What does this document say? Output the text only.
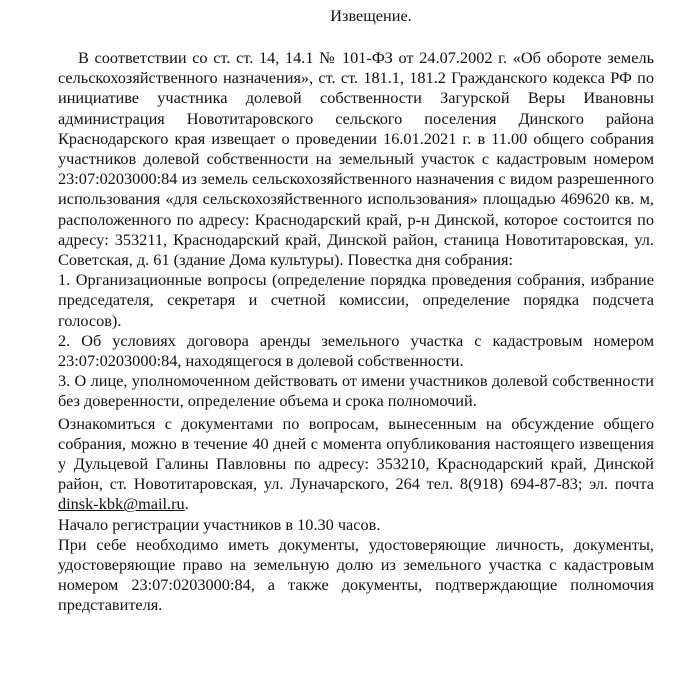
Извещение.

В соответствии со ст. ст. 14, 14.1 № 101-ФЗ от 24.07.2002 г. «Об обороте земель сельскохозяйственного назначения», ст. ст. 181.1, 181.2 Гражданского кодекса РФ по инициативе участника долевой собственности Загурской Веры Ивановны администрация Новотитаровского сельского поселения Динского района Краснодарского края извещает о проведении 16.01.2021 г. в 11.00 общего собрания участников долевой собственности на земельный участок с кадастровым номером 23:07:0203000:84 из земель сельскохозяйственного назначения с видом разрешенного использования «для сельскохозяйственного использования» площадью 469620 кв. м, расположенного по адресу: Краснодарский край, р-н Динской, которое состоится по адресу: 353211, Краснодарский край, Динской район, станица Новотитаровская, ул. Советская, д. 61 (здание Дома культуры). Повестка дня собрания:

1. Организационные вопросы (определение порядка проведения собрания, избрание председателя, секретаря и счетной комиссии, определение порядка подсчета голосов).

2. Об условиях договора аренды земельного участка с кадастровым номером 23:07:0203000:84, находящегося в долевой собственности.

3. О лице, уполномоченном действовать от имени участников долевой собственности без доверенности, определение объема и срока полномочий.

Ознакомиться с документами по вопросам, вынесенным на обсуждение общего собрания, можно в течение 40 дней с момента опубликования настоящего извещения у Дульцевой Галины Павловны по адресу: 353210, Краснодарский край, Динской район, ст. Новотитаровская, ул. Луначарского, 264 тел. 8(918) 694-87-83; эл. почта dinsk-kbk@mail.ru.

Начало регистрации участников в 10.30 часов.

При себе необходимо иметь документы, удостоверяющие личность, документы, удостоверяющие право на земельную долю из земельного участка с кадастровым номером 23:07:0203000:84, а также документы, подтверждающие полномочия представителя.
